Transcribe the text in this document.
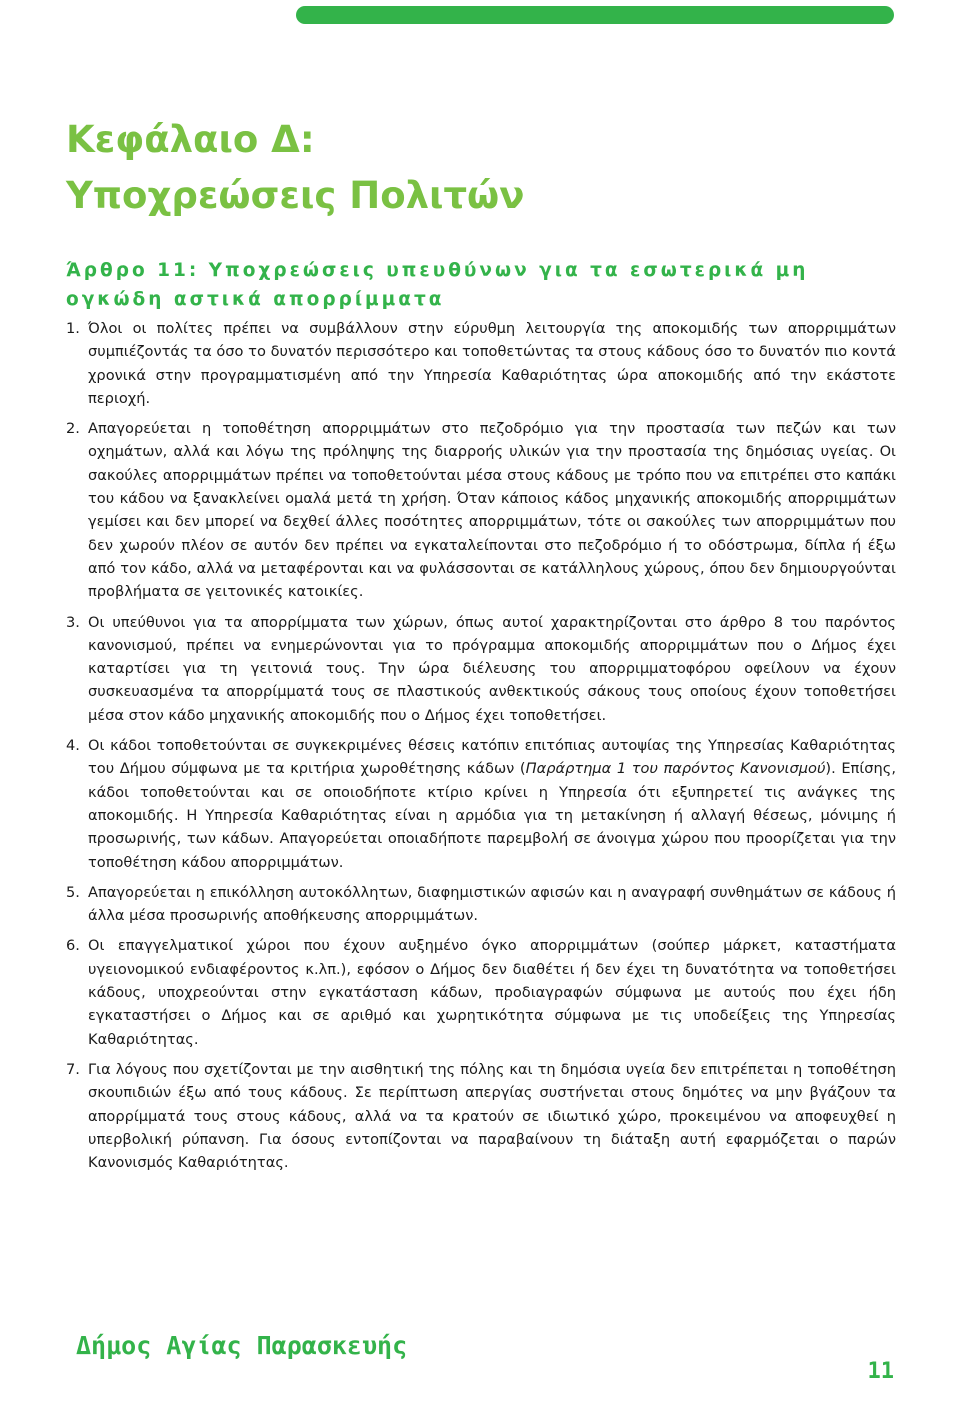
Κεφάλαιο Δ:
Υποχρεώσεις Πολιτών
Άρθρο 11: Υποχρεώσεις υπευθύνων για τα εσωτερικά μη ογκώδη αστικά απορρίμματα
1. Όλοι οι πολίτες πρέπει να συμβάλλουν στην εύρυθμη λειτουργία της αποκομιδής των απορριμμάτων συμπιέζοντάς τα όσο το δυνατόν περισσότερο και τοποθετώντας τα στους κάδους όσο το δυνατόν πιο κοντά χρονικά στην προγραμματισμένη από την Υπηρεσία Καθαριότητας ώρα αποκομιδής από την εκάστοτε περιοχή.
2. Απαγορεύεται η τοποθέτηση απορριμμάτων στο πεζοδρόμιο για την προστασία των πεζών και των οχημάτων, αλλά και λόγω της πρόληψης της διαρροής υλικών για την προστασία της δημόσιας υγείας. Οι σακούλες απορριμμάτων πρέπει να τοποθετούνται μέσα στους κάδους με τρόπο που να επιτρέπει στο καπάκι του κάδου να ξανακλείνει ομαλά μετά τη χρήση. Όταν κάποιος κάδος μηχανικής αποκομιδής απορριμμάτων γεμίσει και δεν μπορεί να δεχθεί άλλες ποσότητες απορριμμάτων, τότε οι σακούλες των απορριμμάτων που δεν χωρούν πλέον σε αυτόν δεν πρέπει να εγκαταλείπονται στο πεζοδρόμιο ή το οδόστρωμα, δίπλα ή έξω από τον κάδο, αλλά να μεταφέρονται και να φυλάσσονται σε κατάλληλους χώρους, όπου δεν δημιουργούνται προβλήματα σε γειτονικές κατοικίες.
3. Οι υπεύθυνοι για τα απορρίμματα των χώρων, όπως αυτοί χαρακτηρίζονται στο άρθρο 8 του παρόντος κανονισμού, πρέπει να ενημερώνονται για το πρόγραμμα αποκομιδής απορριμμάτων που ο Δήμος έχει καταρτίσει για τη γειτονιά τους. Την ώρα διέλευσης του απορριμματοφόρου οφείλουν να έχουν συσκευασμένα τα απορρίμματά τους σε πλαστικούς ανθεκτικούς σάκους τους οποίους έχουν τοποθετήσει μέσα στον κάδο μηχανικής αποκομιδής που ο Δήμος έχει τοποθετήσει.
4. Οι κάδοι τοποθετούνται σε συγκεκριμένες θέσεις κατόπιν επιτόπιας αυτοψίας της Υπηρεσίας Καθαριότητας του Δήμου σύμφωνα με τα κριτήρια χωροθέτησης κάδων (Παράρτημα 1 του παρόντος Κανονισμού). Επίσης, κάδοι τοποθετούνται και σε οποιοδήποτε κτίριο κρίνει η Υπηρεσία ότι εξυπηρετεί τις ανάγκες της αποκομιδής. Η Υπηρεσία Καθαριότητας είναι η αρμόδια για τη μετακίνηση ή αλλαγή θέσεως, μόνιμης ή προσωρινής, των κάδων. Απαγορεύεται οποιαδήποτε παρεμβολή σε άνοιγμα χώρου που προορίζεται για την τοποθέτηση κάδου απορριμμάτων.
5. Απαγορεύεται η επικόλληση αυτοκόλλητων, διαφημιστικών αφισών και η αναγραφή συνθημάτων σε κάδους ή άλλα μέσα προσωρινής αποθήκευσης απορριμμάτων.
6. Οι επαγγελματικοί χώροι που έχουν αυξημένο όγκο απορριμμάτων (σούπερ μάρκετ, καταστήματα υγειονομικού ενδιαφέροντος κ.λπ.), εφόσον ο Δήμος δεν διαθέτει ή δεν έχει τη δυνατότητα να τοποθετήσει κάδους, υποχρεούνται στην εγκατάσταση κάδων, προδιαγραφών σύμφωνα με αυτούς που έχει ήδη εγκαταστήσει ο Δήμος και σε αριθμό και χωρητικότητα σύμφωνα με τις υποδείξεις της Υπηρεσίας Καθαριότητας.
7. Για λόγους που σχετίζονται με την αισθητική της πόλης και τη δημόσια υγεία δεν επιτρέπεται η τοποθέτηση σκουπιδιών έξω από τους κάδους. Σε περίπτωση απεργίας συστήνεται στους δημότες να μην βγάζουν τα απορρίμματά τους στους κάδους, αλλά να τα κρατούν σε ιδιωτικό χώρο, προκειμένου να αποφευχθεί η υπερβολική ρύπανση. Για όσους εντοπίζονται να παραβαίνουν τη διάταξη αυτή εφαρμόζεται ο παρών Κανονισμός Καθαριότητας.
Δήμος Αγίας Παρασκευής
11
